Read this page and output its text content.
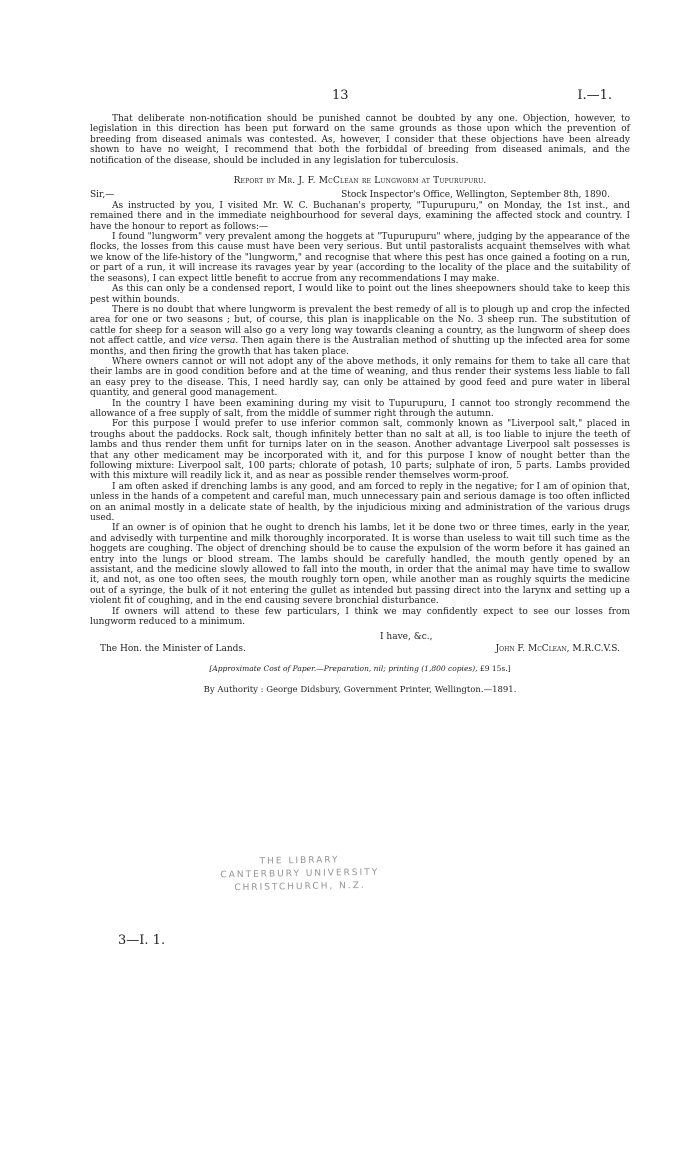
13	I.—1.

That deliberate non-notification should be punished cannot be doubted by any one. Objection, however, to legislation in this direction has been put forward on the same grounds as those upon which the prevention of breeding from diseased animals was contested. As, however, I consider that these objections have been already shown to have no weight, I recommend that both the forbiddal of breeding from diseased animals, and the notification of the disease, should be included in any legislation for tuberculosis.

Report by Mr. J. F. McClean re Lungworm at Tupurupuru.
Sir,—	Stock Inspector's Office, Wellington, September 8th, 1890.

As instructed by you, I visited Mr. W. C. Buchanan's property, "Tupurupuru," on Monday, the 1st inst., and remained there and in the immediate neighbourhood for several days, examining the affected stock and country. I have the honour to report as follows:—

I found "lungworm" very prevalent among the hoggets at "Tupurupuru" where, judging by the appearance of the flocks, the losses from this cause must have been very serious. But until pastoralists acquaint themselves with what we know of the life-history of the "lungworm," and recognise that where this pest has once gained a footing on a run, or part of a run, it will increase its ravages year by year (according to the locality of the place and the suitability of the seasons), I can expect little benefit to accrue from any recommendations I may make.

As this can only be a condensed report, I would like to point out the lines sheepowners should take to keep this pest within bounds.

There is no doubt that where lungworm is prevalent the best remedy of all is to plough up and crop the infected area for one or two seasons ; but, of course, this plan is inapplicable on the No. 3 sheep run. The substitution of cattle for sheep for a season will also go a very long way towards cleaning a country, as the lungworm of sheep does not affect cattle, and vice versa. Then again there is the Australian method of shutting up the infected area for some months, and then firing the growth that has taken place.

Where owners cannot or will not adopt any of the above methods, it only remains for them to take all care that their lambs are in good condition before and at the time of weaning, and thus render their systems less liable to fall an easy prey to the disease. This, I need hardly say, can only be attained by good feed and pure water in liberal quantity, and general good management.

In the country I have been examining during my visit to Tupurupuru, I cannot too strongly recommend the allowance of a free supply of salt, from the middle of summer right through the autumn.

For this purpose I would prefer to use inferior common salt, commonly known as "Liverpool salt," placed in troughs about the paddocks. Rock salt, though infinitely better than no salt at all, is too liable to injure the teeth of lambs and thus render them unfit for turnips later on in the season. Another advantage Liverpool salt possesses is that any other medicament may be incorporated with it, and for this purpose I know of nought better than the following mixture: Liverpool salt, 100 parts; chlorate of potash, 10 parts; sulphate of iron, 5 parts. Lambs provided with this mixture will readily lick it, and as near as possible render themselves worm-proof.

I am often asked if drenching lambs is any good, and am forced to reply in the negative; for I am of opinion that, unless in the hands of a competent and careful man, much unnecessary pain and serious damage is too often inflicted on an animal mostly in a delicate state of health, by the injudicious mixing and administration of the various drugs used.

If an owner is of opinion that he ought to drench his lambs, let it be done two or three times, early in the year, and advisedly with turpentine and milk thoroughly incorporated. It is worse than useless to wait till such time as the hoggets are coughing. The object of drenching should be to cause the expulsion of the worm before it has gained an entry into the lungs or blood stream. The lambs should be carefully handled, the mouth gently opened by an assistant, and the medicine slowly allowed to fall into the mouth, in order that the animal may have time to swallow it, and not, as one too often sees, the mouth roughly torn open, while another man as roughly squirts the medicine out of a syringe, the bulk of it not entering the gullet as intended but passing direct into the larynx and setting up a violent fit of coughing, and in the end causing severe bronchial disturbance.

If owners will attend to these few particulars, I think we may confidently expect to see our losses from lungworm reduced to a minimum.

I have, &c.,
The Hon. the Minister of Lands.	John F. McClean, M.R.C.V.S.
[Approximate Cost of Paper.—Preparation, nil; printing (1,800 copies), £9 15s.]
By Authority : George Didsbury, Government Printer, Wellington.—1891.
THE LIBRARY
CANTERBURY UNIVERSITY
CHRISTCHURCH, N.Z.
3—I. 1.
